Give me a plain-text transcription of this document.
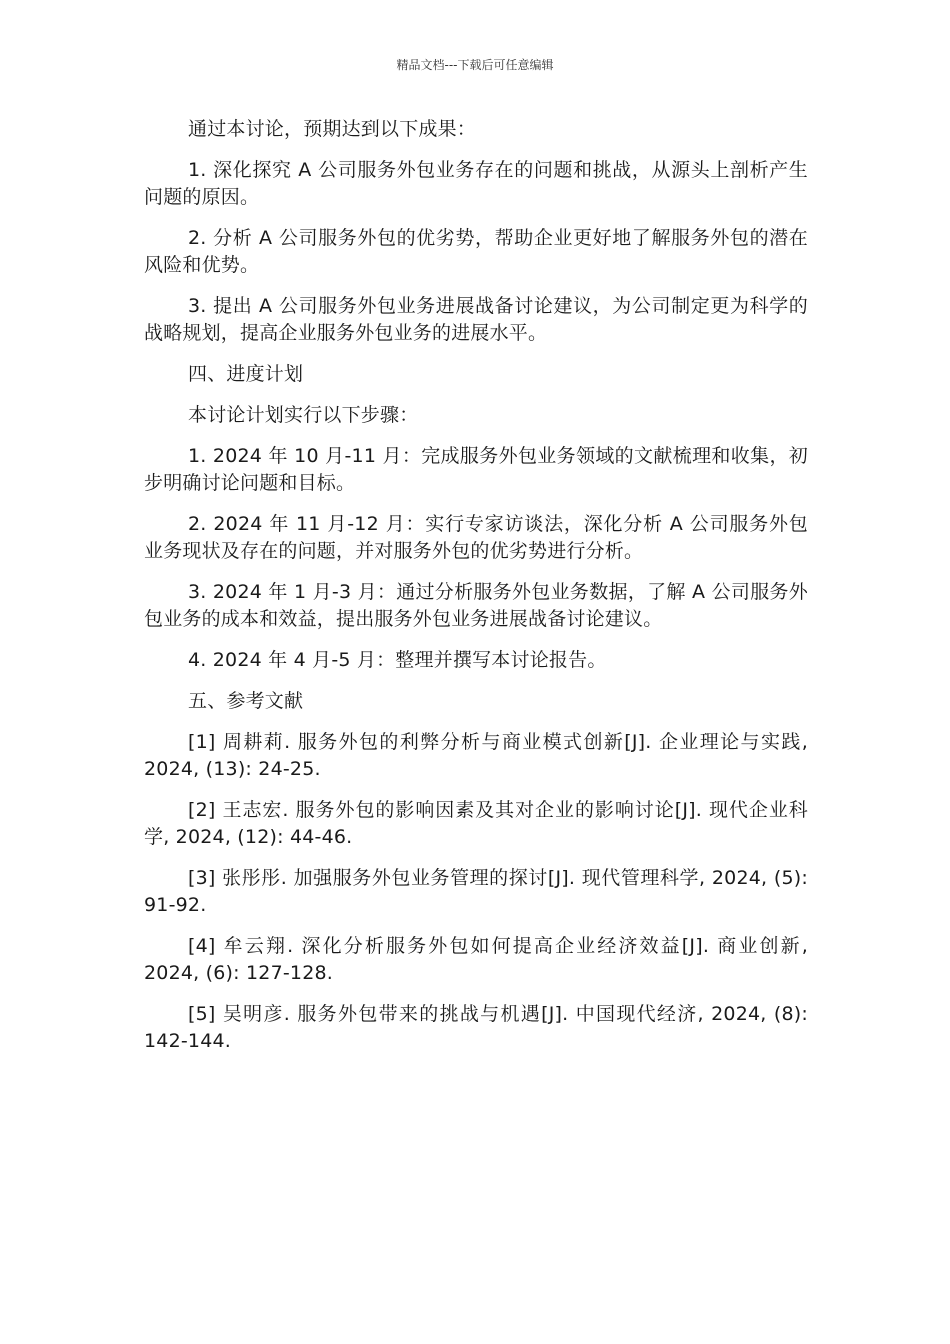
精品文档---下载后可任意编辑

通过本讨论，预期达到以下成果：

1. 深化探究 A 公司服务外包业务存在的问题和挑战，从源头上剖析产生问题的原因。

2. 分析 A 公司服务外包的优劣势，帮助企业更好地了解服务外包的潜在风险和优势。

3. 提出 A 公司服务外包业务进展战备讨论建议，为公司制定更为科学的战略规划，提高企业服务外包业务的进展水平。

四、进度计划

本讨论计划实行以下步骤：

1. 2024 年 10 月-11 月：完成服务外包业务领域的文献梳理和收集，初步明确讨论问题和目标。

2. 2024 年 11 月-12 月：实行专家访谈法，深化分析 A 公司服务外包业务现状及存在的问题，并对服务外包的优劣势进行分析。

3. 2024 年 1 月-3 月：通过分析服务外包业务数据，了解 A 公司服务外包业务的成本和效益，提出服务外包业务进展战备讨论建议。

4. 2024 年 4 月-5 月：整理并撰写本讨论报告。

五、参考文献

[1] 周耕莉. 服务外包的利弊分析与商业模式创新[J]. 企业理论与实践, 2024, (13): 24-25.

[2] 王志宏. 服务外包的影响因素及其对企业的影响讨论[J]. 现代企业科学, 2024, (12): 44-46.

[3] 张彤彤. 加强服务外包业务管理的探讨[J]. 现代管理科学, 2024, (5): 91-92.

[4] 牟云翔. 深化分析服务外包如何提高企业经济效益[J]. 商业创新, 2024, (6): 127-128.

[5] 吴明彦. 服务外包带来的挑战与机遇[J]. 中国现代经济, 2024, (8): 142-144.
